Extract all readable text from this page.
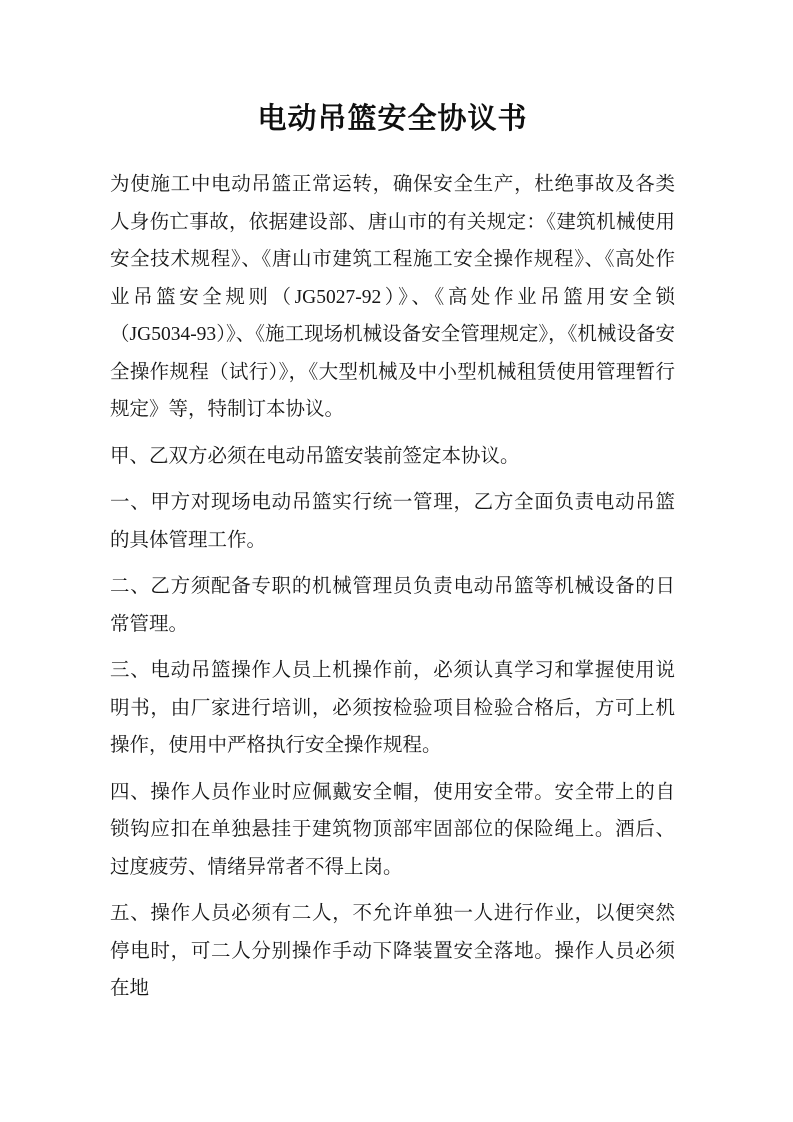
电动吊篮安全协议书

为使施工中电动吊篮正常运转，确保安全生产，杜绝事故及各类人身伤亡事故，依据建设部、唐山市的有关规定：《建筑机械使用安全技术规程》、《唐山市建筑工程施工安全操作规程》、《高处作业吊篮安全规则（JG5027-92）》、《高处作业吊篮用安全锁（JG5034-93）》、《施工现场机械设备安全管理规定》，《机械设备安全操作规程（试行）》，《大型机械及中小型机械租赁使用管理暂行规定》等，特制订本协议。

甲、乙双方必须在电动吊篮安装前签定本协议。

一、甲方对现场电动吊篮实行统一管理，乙方全面负责电动吊篮的具体管理工作。

二、乙方须配备专职的机械管理员负责电动吊篮等机械设备的日常管理。

三、电动吊篮操作人员上机操作前，必须认真学习和掌握使用说明书，由厂家进行培训，必须按检验项目检验合格后，方可上机操作，使用中严格执行安全操作规程。

四、操作人员作业时应佩戴安全帽，使用安全带。安全带上的自锁钩应扣在单独悬挂于建筑物顶部牢固部位的保险绳上。酒后、过度疲劳、情绪异常者不得上岗。

五、操作人员必须有二人，不允许单独一人进行作业，以便突然停电时，可二人分别操作手动下降装置安全落地。操作人员必须在地
